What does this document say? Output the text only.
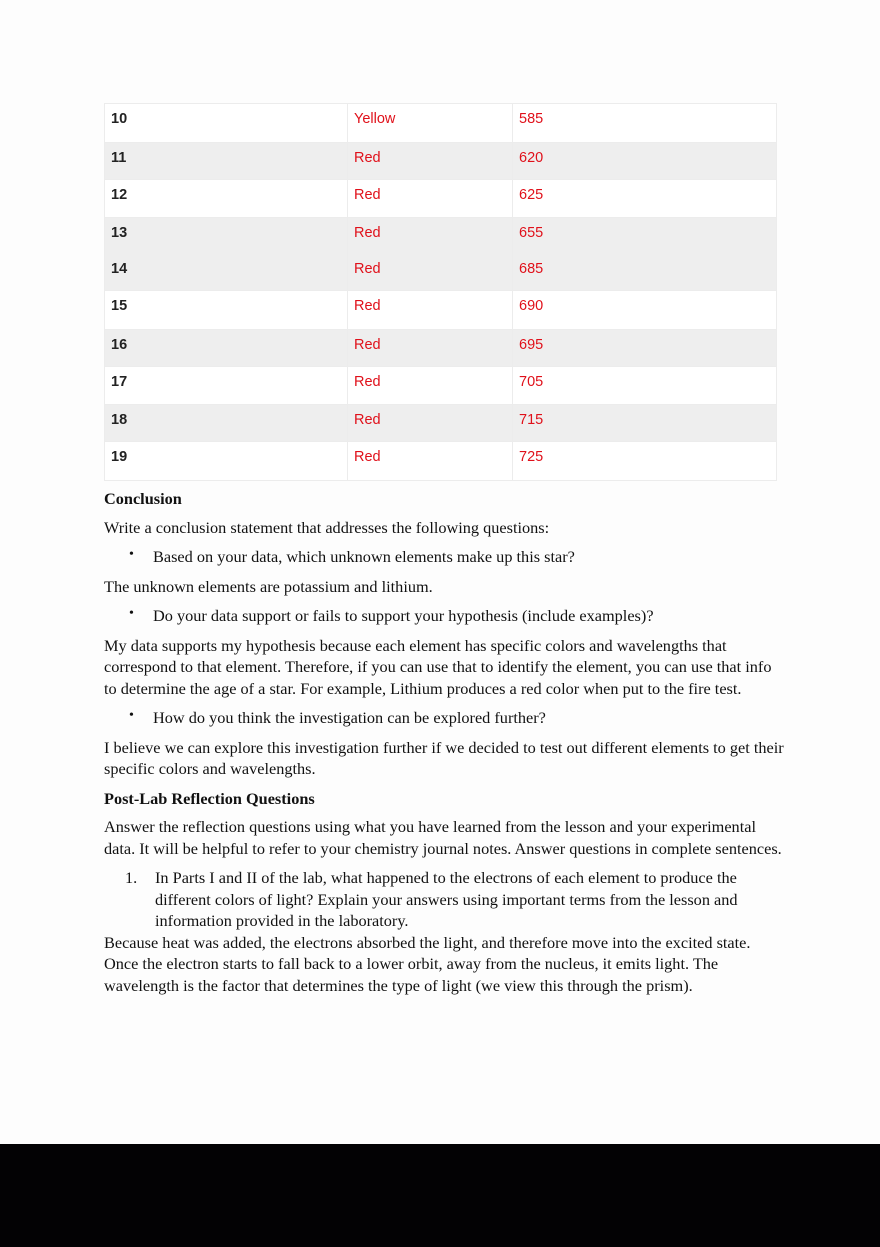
10	Yellow	585
11	Red	620
12	Red	625
13	Red	655
14	Red	685
15	Red	690
16	Red	695
17	Red	705
18	Red	715
19	Red	725

Conclusion

Write a conclusion statement that addresses the following questions:

• Based on your data, which unknown elements make up this star?

The unknown elements are potassium and lithium.

• Do your data support or fails to support your hypothesis (include examples)?

My data supports my hypothesis because each element has specific colors and wavelengths that correspond to that element. Therefore, if you can use that to identify the element, you can use that info to determine the age of a star. For example, Lithium produces a red color when put to the fire test.

• How do you think the investigation can be explored further?

I believe we can explore this investigation further if we decided to test out different elements to get their specific colors and wavelengths.

Post-Lab Reflection Questions

Answer the reflection questions using what you have learned from the lesson and your experimental data. It will be helpful to refer to your chemistry journal notes. Answer questions in complete sentences.

1. In Parts I and II of the lab, what happened to the electrons of each element to produce the different colors of light? Explain your answers using important terms from the lesson and information provided in the laboratory.

Because heat was added, the electrons absorbed the light, and therefore move into the excited state. Once the electron starts to fall back to a lower orbit, away from the nucleus, it emits light. The wavelength is the factor that determines the type of light (we view this through the prism).
